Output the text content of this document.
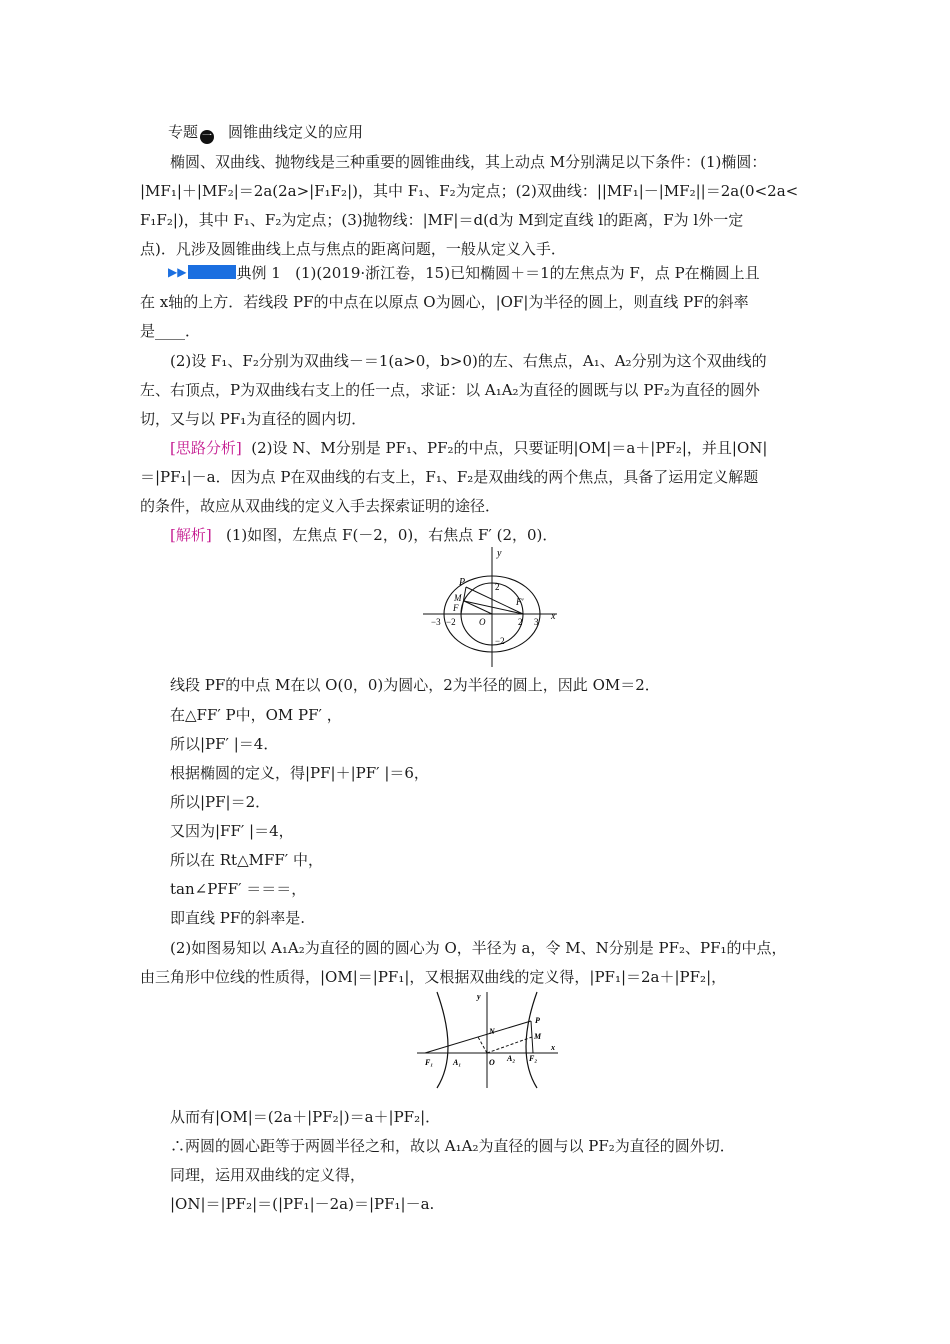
专题 一 圆锥曲线定义的应用
椭圆、双曲线、抛物线是三种重要的圆锥曲线，其上动点 M分别满足以下条件：(1)椭圆：
|MF₁|＋|MF₂|＝2a(2a>|F₁F₂|)，其中 F₁、F₂为定点；(2)双曲线：||MF₁|－|MF₂||＝2a(0<2a<
F₁F₂|)，其中 F₁、F₂为定点；(3)抛物线：|MF|＝d(d为 M到定直线 l的距离，F为 l外一定
点)．凡涉及圆锥曲线上点与焦点的距离问题，一般从定义入手．
▶▶	典例 1 (1)(2019·浙江卷，15)已知椭圆＋＝1的左焦点为 F，点 P在椭圆上且
在 x轴的上方．若线段 PF的中点在以原点 O为圆心，|OF|为半径的圆上，则直线 PF的斜率
是____．
(2)设 F₁、F₂分别为双曲线－＝1(a>0，b>0)的左、右焦点，A₁、A₂分别为这个双曲线的
左、右顶点，P为双曲线右支上的任一点，求证：以 A₁A₂为直径的圆既与以 PF₂为直径的圆外
切，又与以 PF₁为直径的圆内切．
[思路分析] (2)设 N、M分别是 PF₁、PF₂的中点，只要证明|OM|＝a＋|PF₂|，并且|ON|
＝|PF₁|－a．因为点 P在双曲线的右支上，F₁、F₂是双曲线的两个焦点，具备了运用定义解题
的条件，故应从双曲线的定义入手去探索证明的途径．
[解析] (1)如图，左焦点 F(－2，0)，右焦点 F′ (2，0)．
y
x
P
M
F
F′
O
2
−3 −2	2 3
−2
线段 PF的中点 M在以 O(0，0)为圆心，2为半径的圆上，因此 OM＝2．
在△FF′ P中，OM PF′ ，
所以|PF′ |＝4．
根据椭圆的定义，得|PF|＋|PF′ |＝6，
所以|PF|＝2．
又因为|FF′ |＝4，
所以在 Rt△MFF′ 中，
tan∠PFF′ ＝＝＝，
即直线 PF的斜率是.
(2)如图易知以 A₁A₂为直径的圆的圆心为 O，半径为 a，令 M、N分别是 PF₂、PF₁的中点，
由三角形中位线的性质得，|OM|＝|PF₁|，又根据双曲线的定义得，|PF₁|＝2a＋|PF₂|，
y
x
N
P
M
F₁ A₁	O A₂ F₂
从而有|OM|＝(2a＋|PF₂|)＝a＋|PF₂|．
∴两圆的圆心距等于两圆半径之和，故以 A₁A₂为直径的圆与以 PF₂为直径的圆外切．
同理，运用双曲线的定义得，
|ON|＝|PF₂|＝(|PF₁|－2a)＝|PF₁|－a.
